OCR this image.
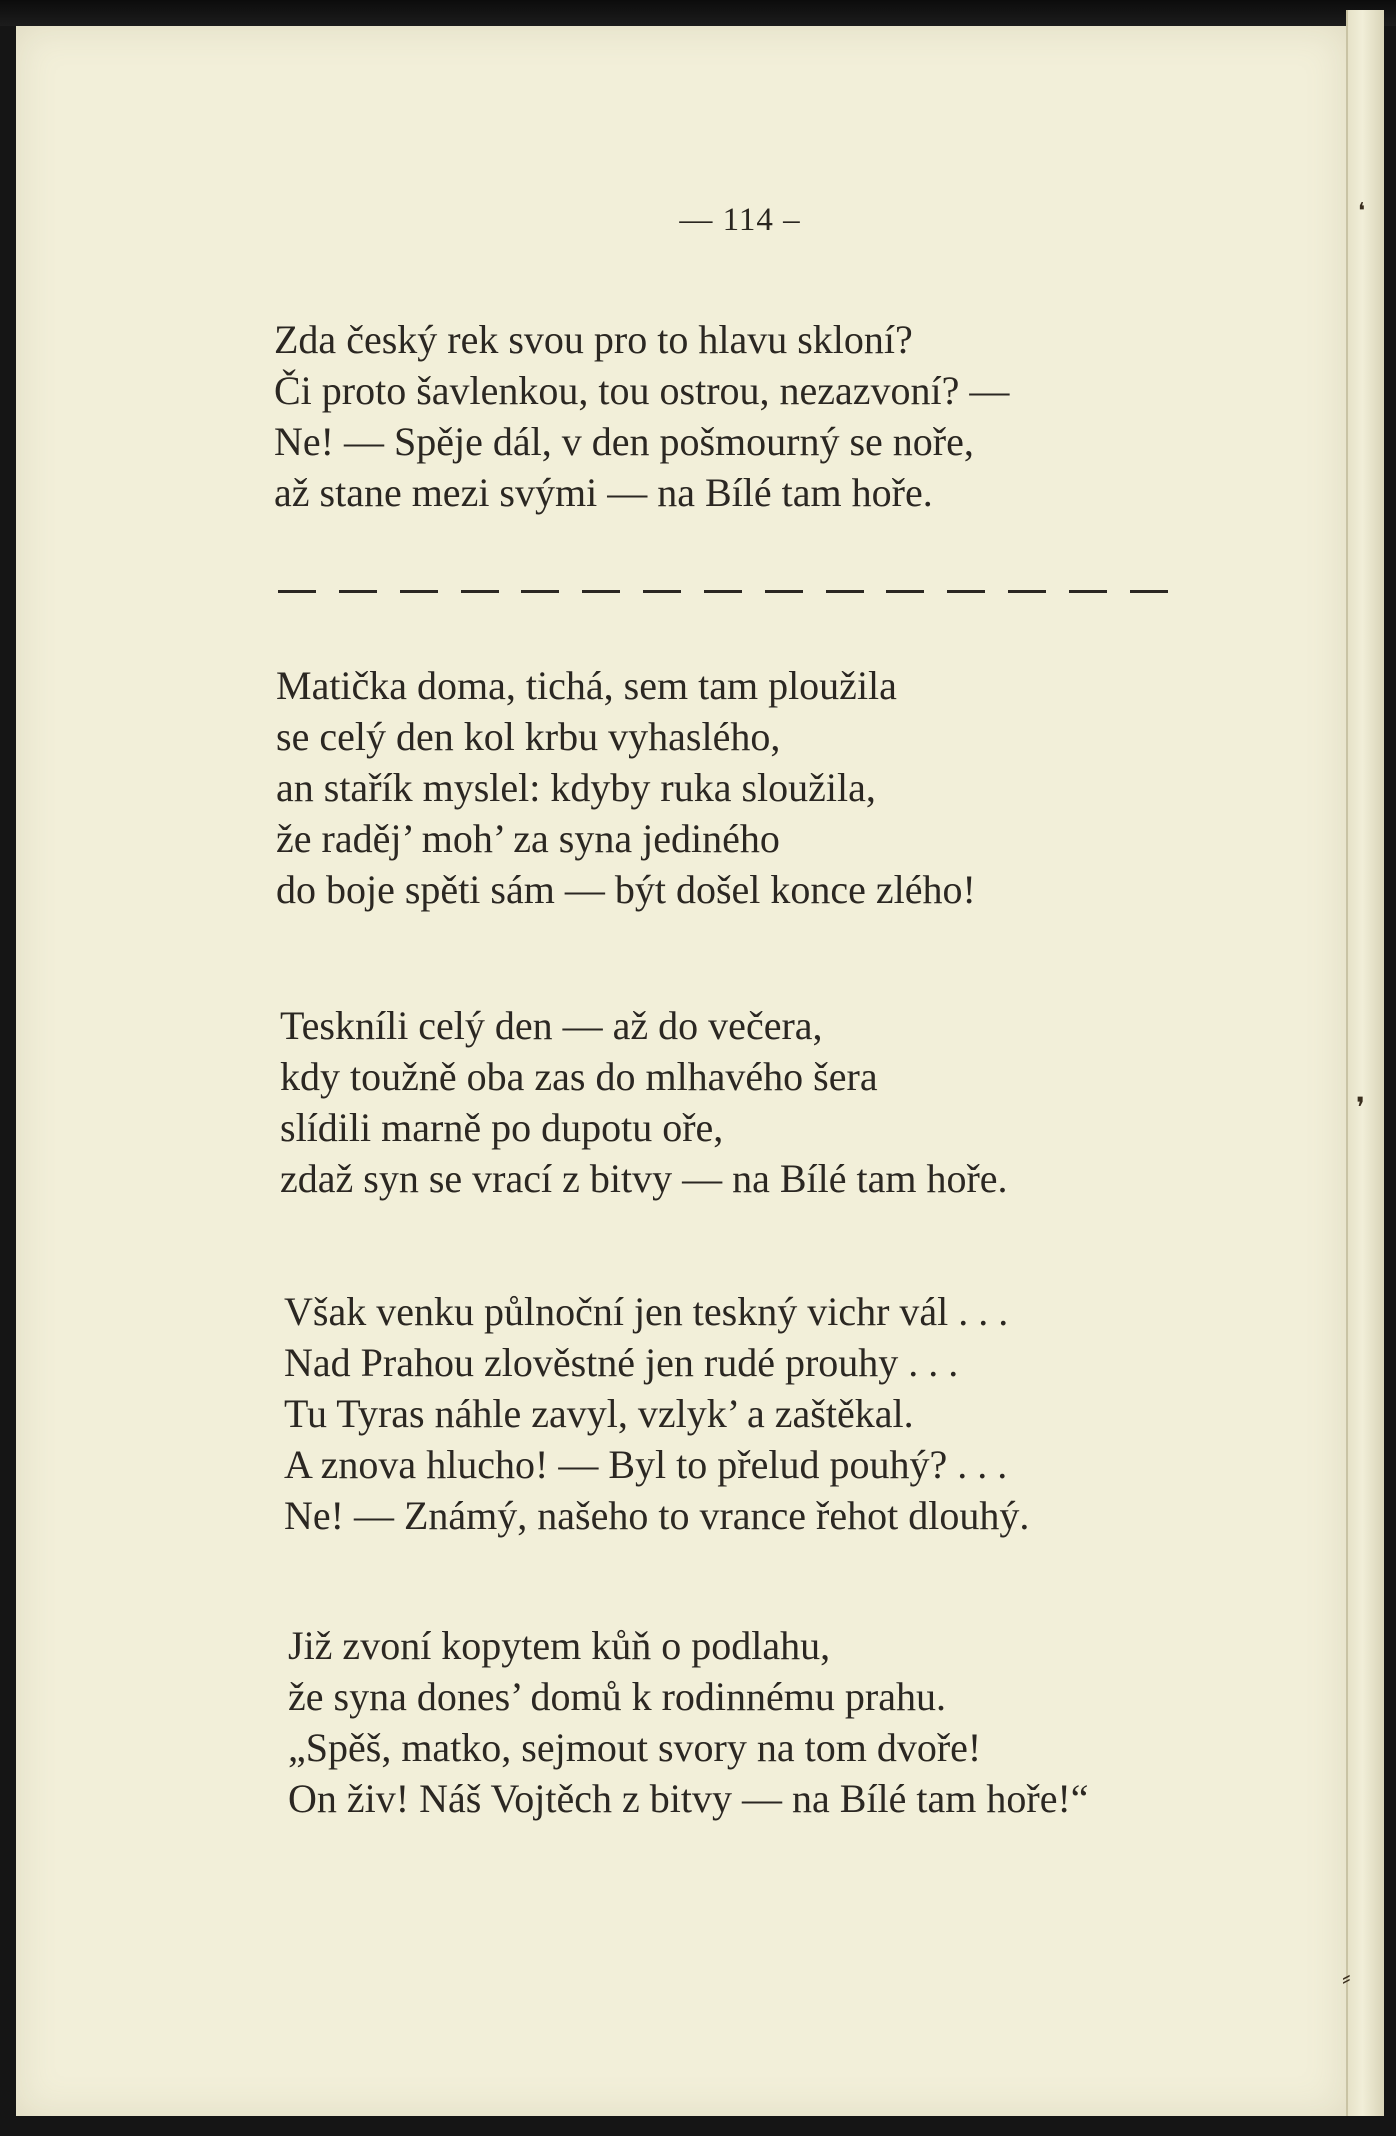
❛
❜
⸗
— 114 –
Zda český rek svou pro to hlavu skloní?
Či proto šavlenkou, tou ostrou, nezazvoní? —
Ne! — Spěje dál, v den pošmourný se noře,
až stane mezi svými — na Bílé tam hoře.
Matička doma, tichá, sem tam ploužila
se celý den kol krbu vyhaslého,
an stařík myslel: kdyby ruka sloužila,
že raděj’ moh’ za syna jediného
do boje spěti sám — být došel konce zlého!
Teskníli celý den — až do večera,
kdy toužně oba zas do mlhavého šera
slídili marně po dupotu oře,
zdaž syn se vrací z bitvy — na Bílé tam hoře.
Však venku půlnoční jen teskný vichr vál . . .
Nad Prahou zlověstné jen rudé prouhy . . .
Tu Tyras náhle zavyl, vzlyk’ a zaštěkal.
A znova hlucho! — Byl to přelud pouhý? . . .
Ne! — Známý, našeho to vrance řehot dlouhý.
Již zvoní kopytem kůň o podlahu,
že syna dones’ domů k rodinnému prahu.
„Spěš, matko, sejmout svory na tom dvoře!
On živ! Náš Vojtěch z bitvy — na Bílé tam hoře!“
